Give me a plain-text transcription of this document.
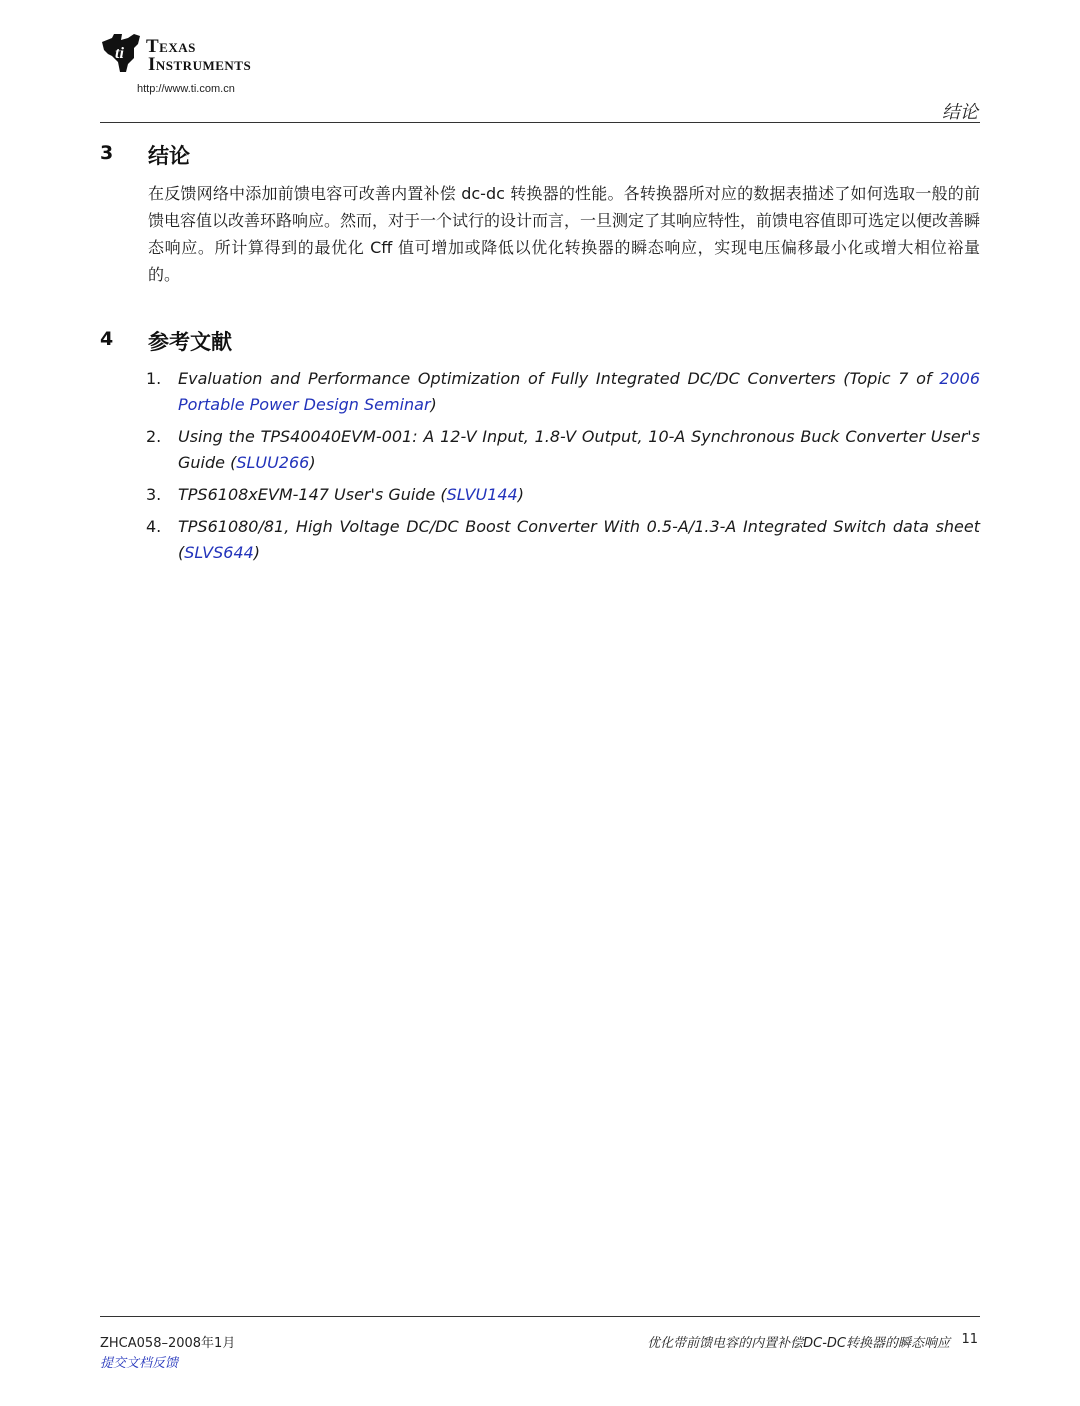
ti Texas
Instruments
http://www.ti.com.cn
结论
3 结论
在反馈网络中添加前馈电容可改善内置补偿 dc-dc 转换器的性能。各转换器所对应的数据表描述了如何选取一般的前馈电容值以改善环路响应。然而，对于一个试行的设计而言，一旦测定了其响应特性，前馈电容值即可选定以便改善瞬态响应。所计算得到的最优化 Cff 值可增加或降低以优化转换器的瞬态响应，实现电压偏移最小化或增大相位裕量的。
4 参考文献
1. Evaluation and Performance Optimization of Fully Integrated DC/DC Converters (Topic 7 of 2006 Portable Power Design Seminar)
2. Using the TPS40040EVM-001: A 12-V Input, 1.8-V Output, 10-A Synchronous Buck Converter User's Guide (SLUU266)
3. TPS6108xEVM-147 User's Guide (SLVU144)
4. TPS61080/81, High Voltage DC/DC Boost Converter With 0.5-A/1.3-A Integrated Switch data sheet (SLVS644)
ZHCA058–2008年1月
提交文档反馈
优化带前馈电容的内置补偿DC-DC转换器的瞬态响应 11
